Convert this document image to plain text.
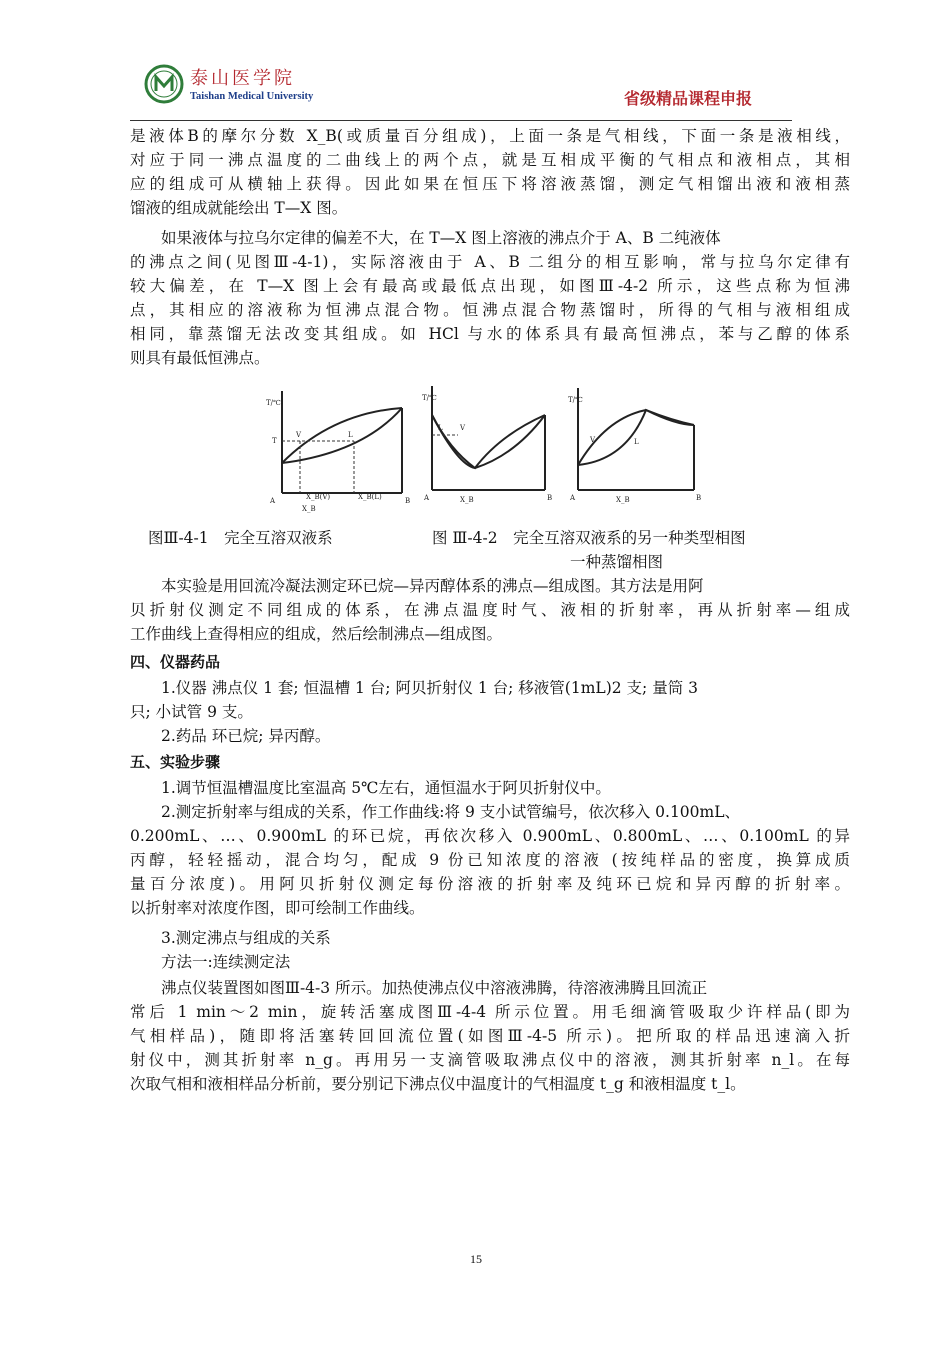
泰山医学院
Taishan Medical University	省级精品课程申报
是液体B的摩尔分数 X_B(或质量百分组成)，上面一条是气相线，下面一条是液相线，
对应于同一沸点温度的二曲线上的两个点，就是互相成平衡的气相点和液相点，其相
应的组成可从横轴上获得。因此如果在恒压下将溶液蒸馏，测定气相馏出液和液相蒸
馏液的组成就能绘出 T—X 图。
如果液体与拉乌尔定律的偏差不大，在 T—X 图上溶液的沸点介于 A、B 二纯液体
的沸点之间(见图Ⅲ-4-1)，实际溶液由于 A、B 二组分的相互影响，常与拉乌尔定律有
较大偏差，在 T—X 图上会有最高或最低点出现，如图Ⅲ-4-2 所示，这些点称为恒沸
点，其相应的溶液称为恒沸点混合物。恒沸点混合物蒸馏时，所得的气相与液相组成
相同，靠蒸馏无法改变其组成。如 HCl 与水的体系具有最高恒沸点，苯与乙醇的体系
则具有最低恒沸点。
T/℃
T
V	L
A	B
X_B(V)	X_B(L)
X_B
T/℃
L V
A	B
X_B
T/℃
V	L
A	B
X_B
图Ⅲ-4-1　完全互溶双液系	图 Ⅲ-4-2　完全互溶双液系的另一种类型相图
一种蒸馏相图
本实验是用回流冷凝法测定环已烷—异丙醇体系的沸点—组成图。其方法是用阿
贝折射仪测定不同组成的体系，在沸点温度时气、液相的折射率，再从折射率—组成
工作曲线上查得相应的组成，然后绘制沸点—组成图。
四、仪器药品
1.仪器 沸点仪 1 套; 恒温槽 1 台; 阿贝折射仪 1 台; 移液管(1mL)2 支; 量筒 3
只; 小试管 9 支。
2.药品 环已烷; 异丙醇。
五、实验步骤
1.调节恒温槽温度比室温高 5℃左右，通恒温水于阿贝折射仪中。
2.测定折射率与组成的关系，作工作曲线:将 9 支小试管编号，依次移入 0.100mL、
0.200mL、…、0.900mL 的环已烷，再依次移入 0.900mL、0.800mL、…、0.100mL 的异
丙醇，轻轻摇动，混合均匀，配成 9 份已知浓度的溶液 (按纯样品的密度，换算成质
量百分浓度)。用阿贝折射仪测定每份溶液的折射率及纯环已烷和异丙醇的折射率。
以折射率对浓度作图，即可绘制工作曲线。
3.测定沸点与组成的关系
方法一:连续测定法
沸点仪装置图如图Ⅲ-4-3 所示。加热使沸点仪中溶液沸腾，待溶液沸腾且回流正
常后 1 min～2 min，旋转活塞成图Ⅲ-4-4 所示位置。用毛细滴管吸取少许样品(即为
气相样品)，随即将活塞转回回流位置(如图Ⅲ-4-5 所示)。把所取的样品迅速滴入折
射仪中，测其折射率 n_g。再用另一支滴管吸取沸点仪中的溶液，测其折射率 n_l。在每
次取气相和液相样品分析前，要分别记下沸点仪中温度计的气相温度 t_g 和液相温度 t_l。
15
